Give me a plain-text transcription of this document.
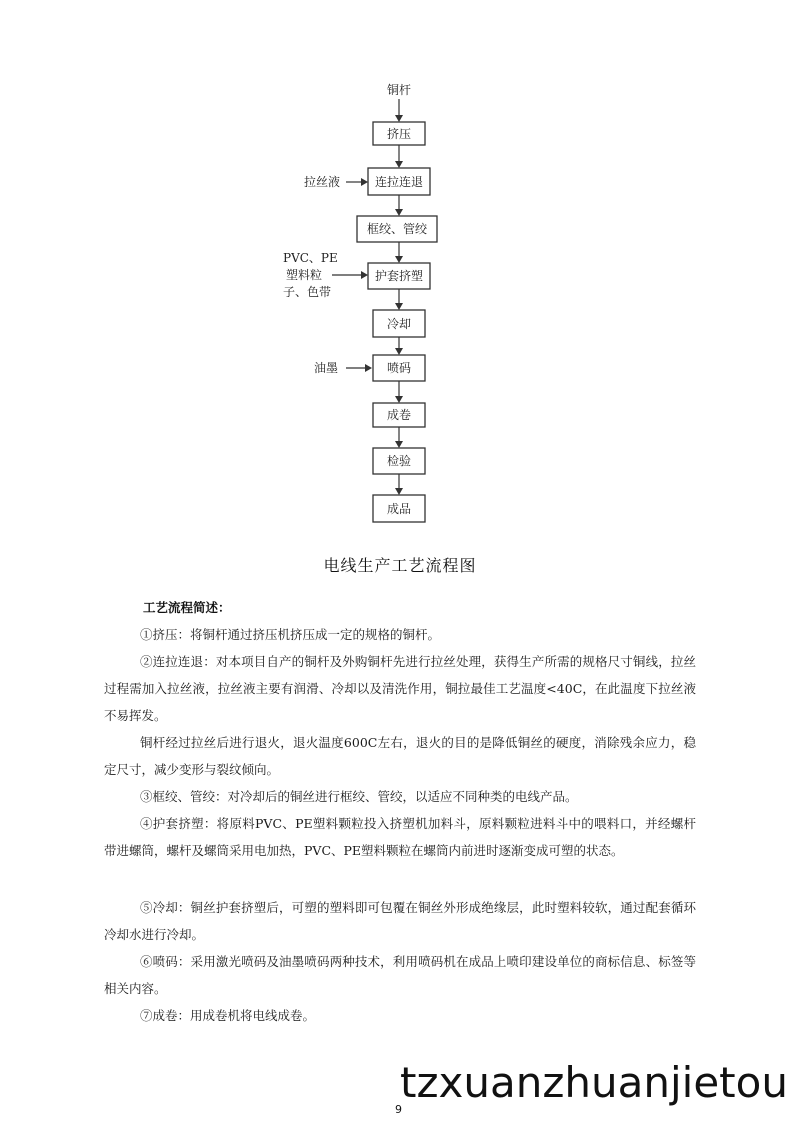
铜杆
挤压
连拉连退
框绞、管绞
护套挤塑
冷却
喷码
成卷
检验
成品
拉丝液
PVC、PE
塑料粒
子、色带
油墨
电线生产工艺流程图
工艺流程简述：

①挤压：将铜杆通过挤压机挤压成一定的规格的铜杆。

②连拉连退：对本项目自产的铜杆及外购铜杆先进行拉丝处理，获得生产所需的规格尺寸铜线，拉丝过程需加入拉丝液，拉丝液主要有润滑、冷却以及清洗作用，铜拉最佳工艺温度<40C，在此温度下拉丝液不易挥发。

铜杆经过拉丝后进行退火，退火温度600C左右，退火的目的是降低铜丝的硬度，消除残余应力，稳定尺寸，减少变形与裂纹倾向。

③框绞、管绞：对冷却后的铜丝进行框绞、管绞，以适应不同种类的电线产品。

④护套挤塑：将原料PVC、PE塑料颗粒投入挤塑机加料斗，原料颗粒进料斗中的喂料口，并经螺杆带进螺筒，螺杆及螺筒采用电加热，PVC、PE塑料颗粒在螺筒内前进时逐渐变成可塑的状态。

⑤冷却：铜丝护套挤塑后，可塑的塑料即可包覆在铜丝外形成绝缘层，此时塑料较软，通过配套循环冷却水进行冷却。

⑥喷码：采用激光喷码及油墨喷码两种技术，利用喷码机在成品上喷印建设单位的商标信息、标签等相关内容。

⑦成卷：用成卷机将电线成卷。

tzxuanzhuanjietou
9
